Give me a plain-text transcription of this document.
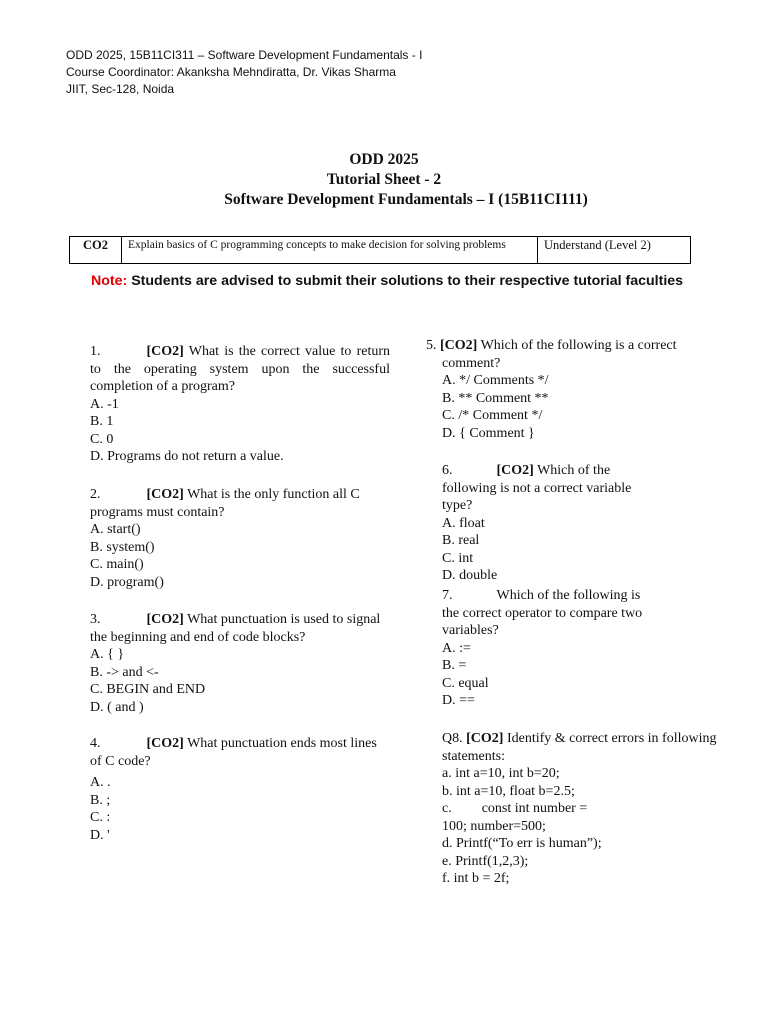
ODD 2025, 15B11CI311 – Software Development Fundamentals - I
Course Coordinator: Akanksha Mehndiratta, Dr. Vikas Sharma
JIIT, Sec-128, Noida
ODD 2025
Tutorial Sheet - 2
Software Development Fundamentals – I (15B11CI111)
CO2	Explain basics of C programming concepts to make decision for solving problems	Understand (Level 2)
Note: Students are advised to submit their solutions to their respective tutorial faculties
1.	[CO2] What is the correct value to return to the operating system upon the successful completion of a program?
A. -1
B. 1
C. 0
D. Programs do not return a value.
2.	[CO2] What is the only function all C programs must contain?
A. start()
B. system()
C. main()
D. program()
3.	[CO2] What punctuation is used to signal the beginning and end of code blocks?
A. { }
B. -> and <-
C. BEGIN and END
D. ( and )
4.	[CO2] What punctuation ends most lines of C code?
A. .
B. ;
C. :
D. '
5. [CO2] Which of the following is a correct comment?
A. */ Comments */
B. ** Comment **
C. /* Comment */
D. { Comment }
6.	[CO2] Which of the following is not a correct variable type?
A. float
B. real
C. int
D. double
7.	Which of the following is the correct operator to compare two variables?
A. :=
B. =
C. equal
D. ==
Q8. [CO2] Identify & correct errors in following statements:
a. int a=10, int b=20;
b. int a=10, float b=2.5;
c. const int number =
100; number=500;
d. Printf(“To err is human”);
e. Printf(1,2,3);
f. int b = 2f;
